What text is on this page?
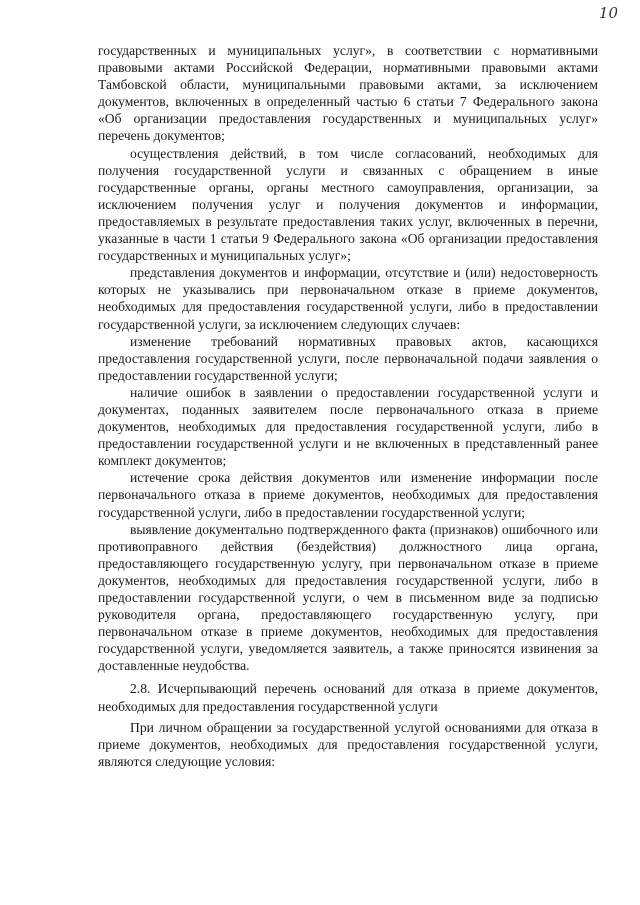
10

государственных и муниципальных услуг», в соответствии с нормативными правовыми актами Российской Федерации, нормативными правовыми актами Тамбовской области, муниципальными правовыми актами, за исключением документов, включенных в определенный частью 6 статьи 7 Федерального закона «Об организации предоставления государственных и муниципальных услуг» перечень документов;

осуществления действий, в том числе согласований, необходимых для получения государственной услуги и связанных с обращением в иные государственные органы, органы местного самоуправления, организации, за исключением получения услуг и получения документов и информации, предоставляемых в результате предоставления таких услуг, включенных в перечни, указанные в части 1 статьи 9 Федерального закона «Об организации предоставления государственных и муниципальных услуг»;

представления документов и информации, отсутствие и (или) недостоверность которых не указывались при первоначальном отказе в приеме документов, необходимых для предоставления государственной услуги, либо в предоставлении государственной услуги, за исключением следующих случаев:

изменение требований нормативных правовых актов, касающихся предоставления государственной услуги, после первоначальной подачи заявления о предоставлении государственной услуги;

наличие ошибок в заявлении о предоставлении государственной услуги и документах, поданных заявителем после первоначального отказа в приеме документов, необходимых для предоставления государственной услуги, либо в предоставлении государственной услуги и не включенных в представленный ранее комплект документов;

истечение срока действия документов или изменение информации после первоначального отказа в приеме документов, необходимых для предоставления государственной услуги, либо в предоставлении государственной услуги;

выявление документально подтвержденного факта (признаков) ошибочного или противоправного действия (бездействия) должностного лица органа, предоставляющего государственную услугу, при первоначальном отказе в приеме документов, необходимых для предоставления государственной услуги, либо в предоставлении государственной услуги, о чем в письменном виде за подписью руководителя органа, предоставляющего государственную услугу, при первоначальном отказе в приеме документов, необходимых для предоставления государственной услуги, уведомляется заявитель, а также приносятся извинения за доставленные неудобства.

2.8. Исчерпывающий перечень оснований для отказа в приеме документов, необходимых для предоставления государственной услуги

При личном обращении за государственной услугой основаниями для отказа в приеме документов, необходимых для предоставления государственной услуги, являются следующие условия:
